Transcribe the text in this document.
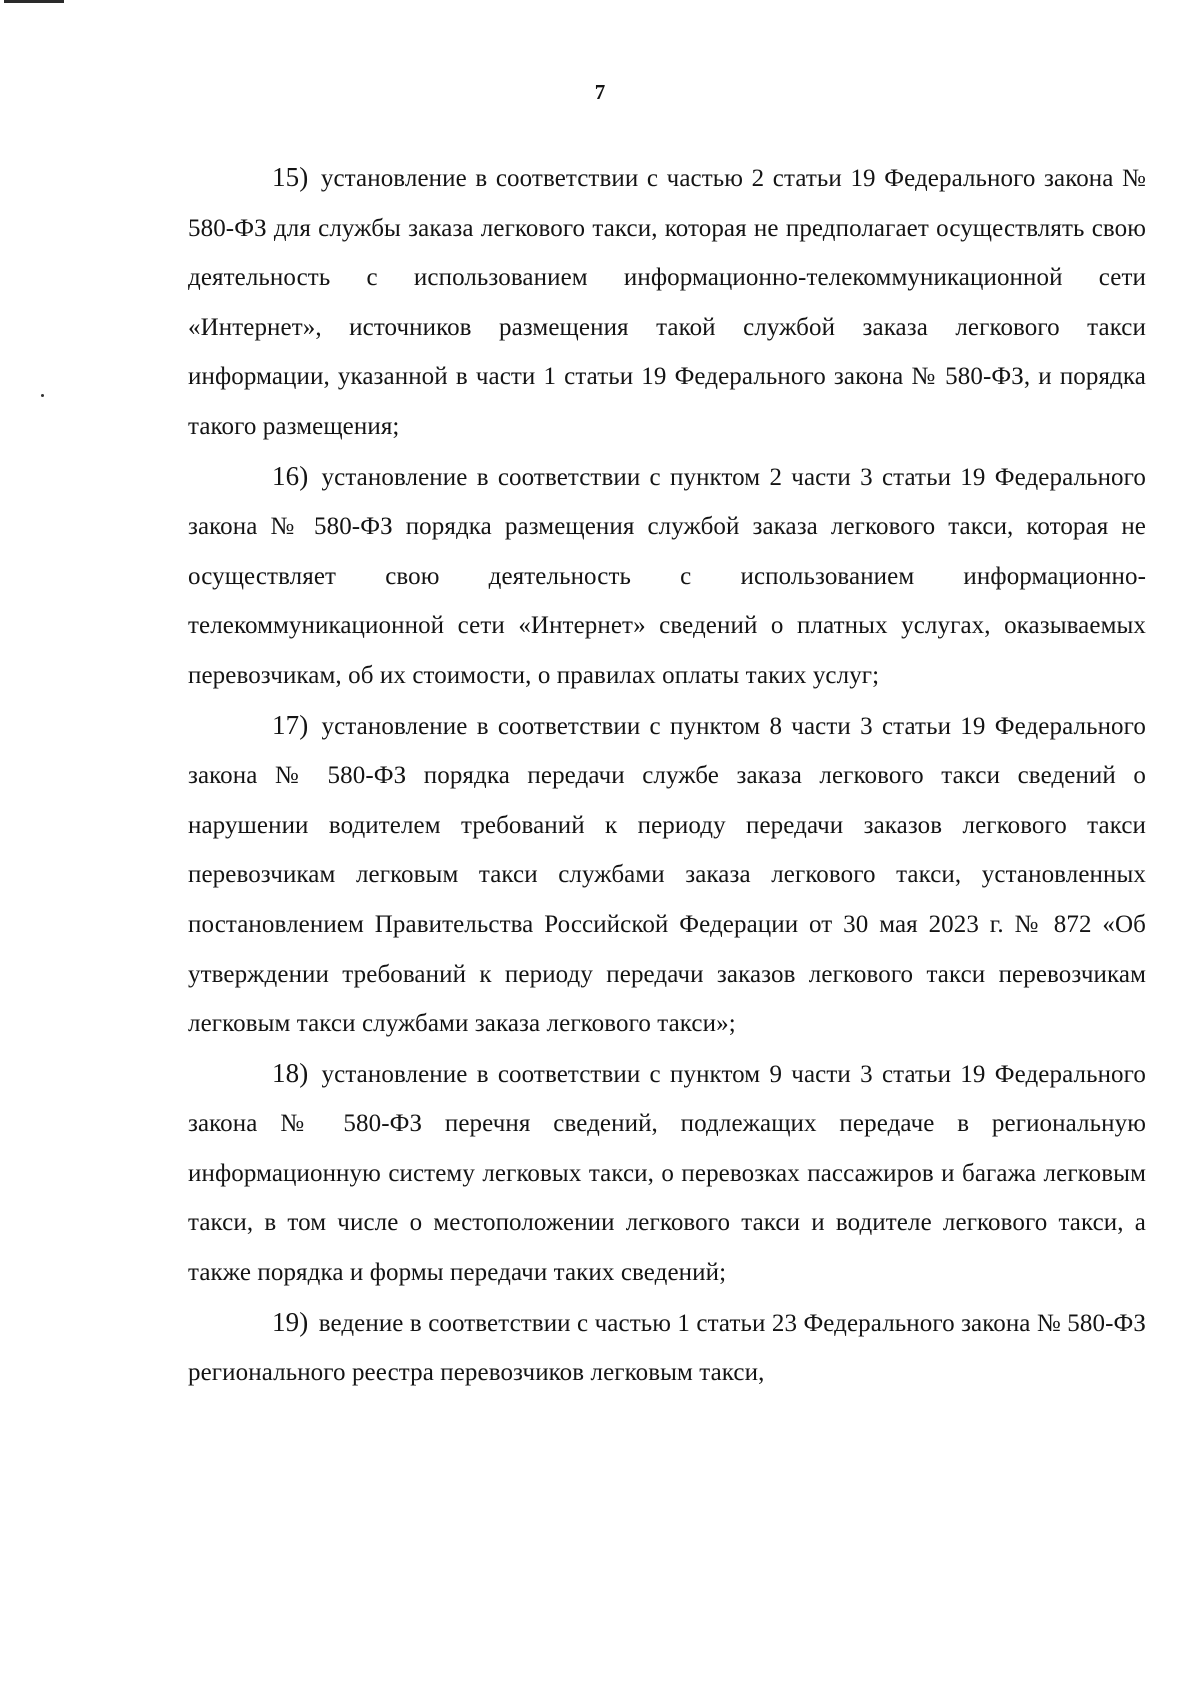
7

15) установление в соответствии с частью 2 статьи 19 Федерального закона № 580-ФЗ для службы заказа легкового такси, которая не предполагает осуществлять свою деятельность с использованием информационно-телекоммуникационной сети «Интернет», источников размещения такой службой заказа легкового такси информации, указанной в части 1 статьи 19 Федерального закона № 580-ФЗ, и порядка такого размещения;

16) установление в соответствии с пунктом 2 части 3 статьи 19 Федерального закона № 580-ФЗ порядка размещения службой заказа легкового такси, которая не осуществляет свою деятельность с использованием информационно-телекоммуникационной сети «Интернет» сведений о платных услугах, оказываемых перевозчикам, об их стоимости, о правилах оплаты таких услуг;

17) установление в соответствии с пунктом 8 части 3 статьи 19 Федерального закона № 580-ФЗ порядка передачи службе заказа легкового такси сведений о нарушении водителем требований к периоду передачи заказов легкового такси перевозчикам легковым такси службами заказа легкового такси, установленных постановлением Правительства Российской Федерации от 30 мая 2023 г. № 872 «Об утверждении требований к периоду передачи заказов легкового такси перевозчикам легковым такси службами заказа легкового такси»;

18) установление в соответствии с пунктом 9 части 3 статьи 19 Федерального закона № 580-ФЗ перечня сведений, подлежащих передаче в региональную информационную систему легковых такси, о перевозках пассажиров и багажа легковым такси, в том числе о местоположении легкового такси и водителе легкового такси, а также порядка и формы передачи таких сведений;

19) ведение в соответствии с частью 1 статьи 23 Федерального закона № 580-ФЗ регионального реестра перевозчиков легковым такси,
